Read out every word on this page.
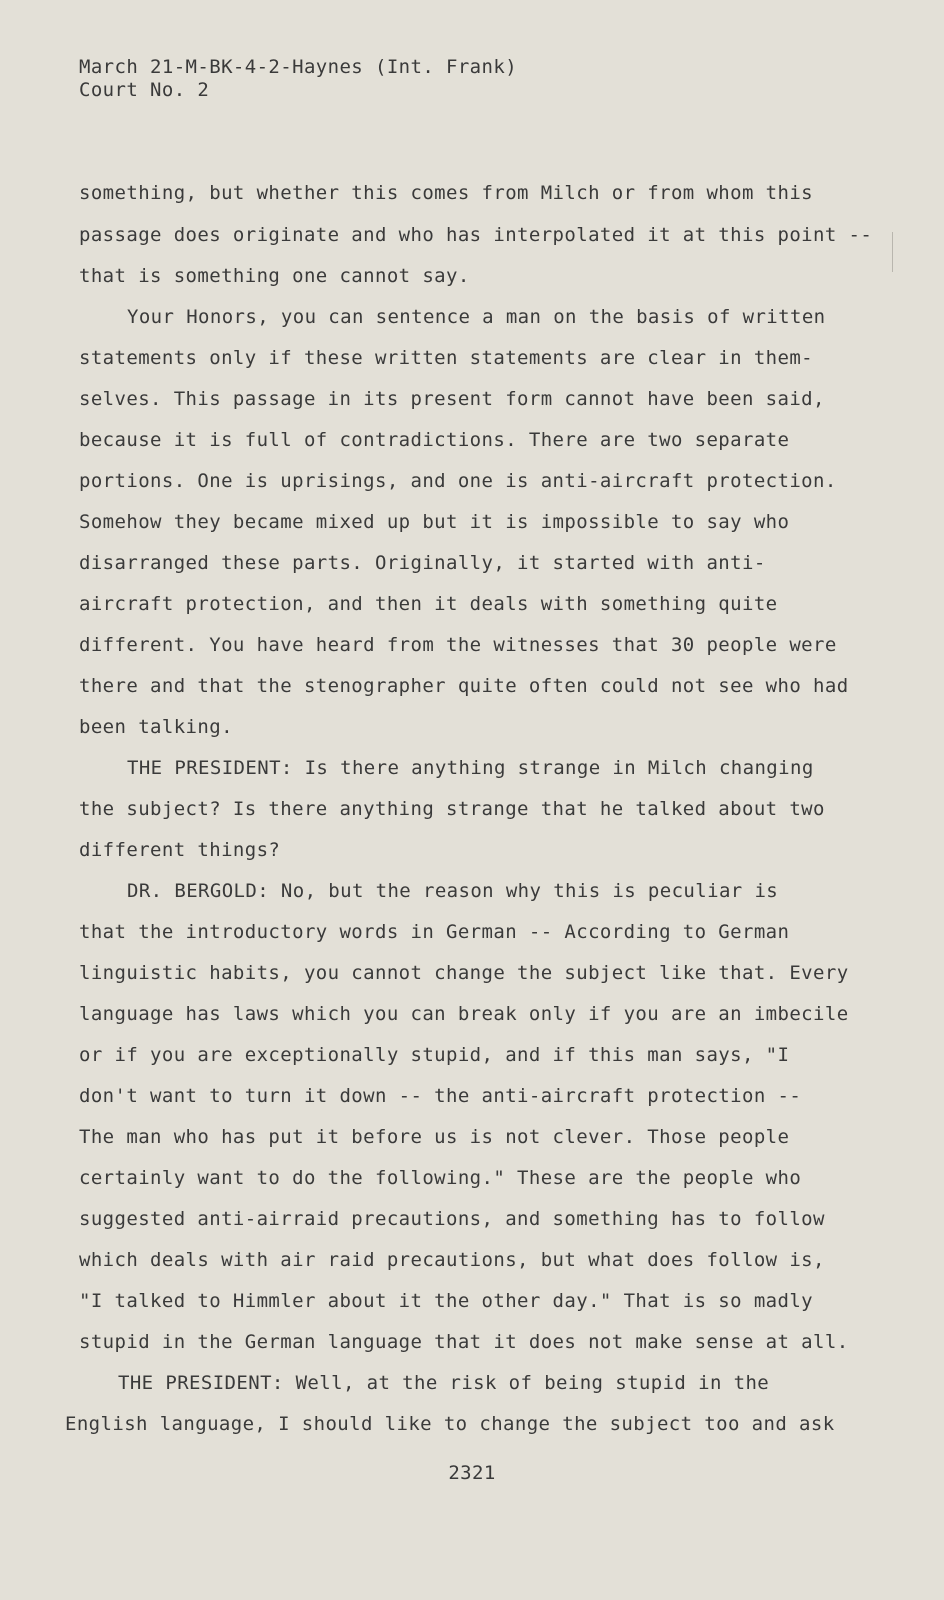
March 21-M-BK-4-2-Haynes (Int. Frank)
Court No. 2
something, but whether this comes from Milch or from whom this
passage does originate and who has interpolated it at this point --
that is something one cannot say.
Your Honors, you can sentence a man on the basis of written
statements only if these written statements are clear in them-
selves. This passage in its present form cannot have been said,
because it is full of contradictions. There are two separate
portions. One is uprisings, and one is anti-aircraft protection.
Somehow they became mixed up but it is impossible to say who
disarranged these parts. Originally, it started with anti-
aircraft protection, and then it deals with something quite
different. You have heard from the witnesses that 30 people were
there and that the stenographer quite often could not see who had
been talking.
THE PRESIDENT: Is there anything strange in Milch changing
the subject? Is there anything strange that he talked about two
different things?
DR. BERGOLD: No, but the reason why this is peculiar is
that the introductory words in German -- According to German
linguistic habits, you cannot change the subject like that. Every
language has laws which you can break only if you are an imbecile
or if you are exceptionally stupid, and if this man says, "I
don't want to turn it down -- the anti-aircraft protection --
The man who has put it before us is not clever. Those people
certainly want to do the following." These are the people who
suggested anti-airraid precautions, and something has to follow
which deals with air raid precautions, but what does follow is,
"I talked to Himmler about it the other day." That is so madly
stupid in the German language that it does not make sense at all.
THE PRESIDENT: Well, at the risk of being stupid in the
English language, I should like to change the subject too and ask
2321
